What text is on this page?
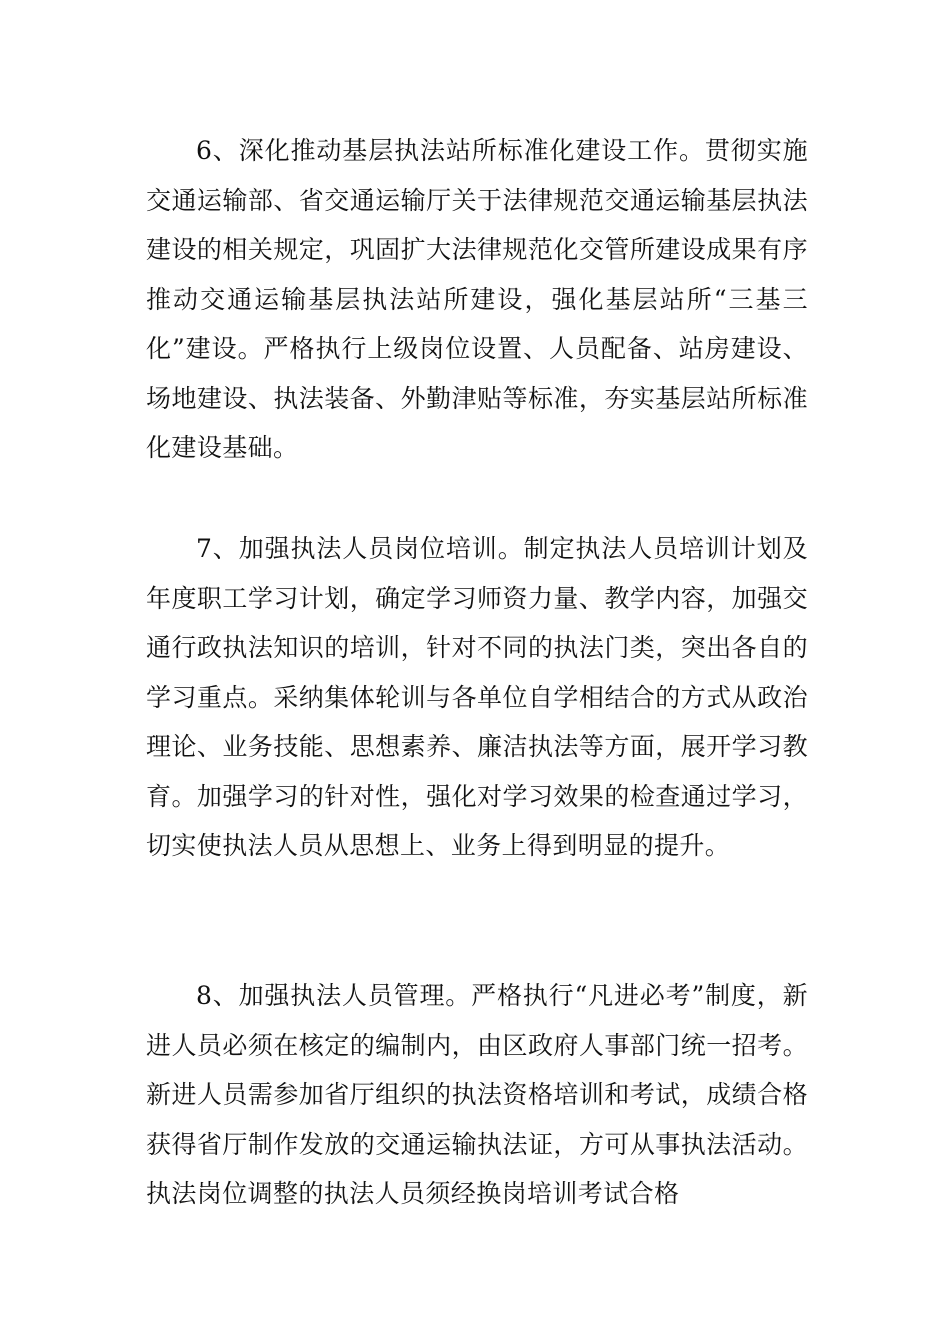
6、深化推动基层执法站所标准化建设工作。贯彻实施交通运输部、省交通运输厅关于法律规范交通运输基层执法建设的相关规定，巩固扩大法律规范化交管所建设成果有序推动交通运输基层执法站所建设，强化基层站所“三基三化”建设。严格执行上级岗位设置、人员配备、站房建设、场地建设、执法装备、外勤津贴等标准，夯实基层站所标准化建设基础。

7、加强执法人员岗位培训。制定执法人员培训计划及年度职工学习计划，确定学习师资力量、教学内容，加强交通行政执法知识的培训，针对不同的执法门类，突出各自的学习重点。采纳集体轮训与各单位自学相结合的方式从政治理论、业务技能、思想素养、廉洁执法等方面，展开学习教育。加强学习的针对性，强化对学习效果的检查通过学习，切实使执法人员从思想上、业务上得到明显的提升。

8、加强执法人员管理。严格执行“凡进必考”制度，新进人员必须在核定的编制内，由区政府人事部门统一招考。新进人员需参加省厅组织的执法资格培训和考试，成绩合格获得省厅制作发放的交通运输执法证，方可从事执法活动。执法岗位调整的执法人员须经换岗培训考试合格
